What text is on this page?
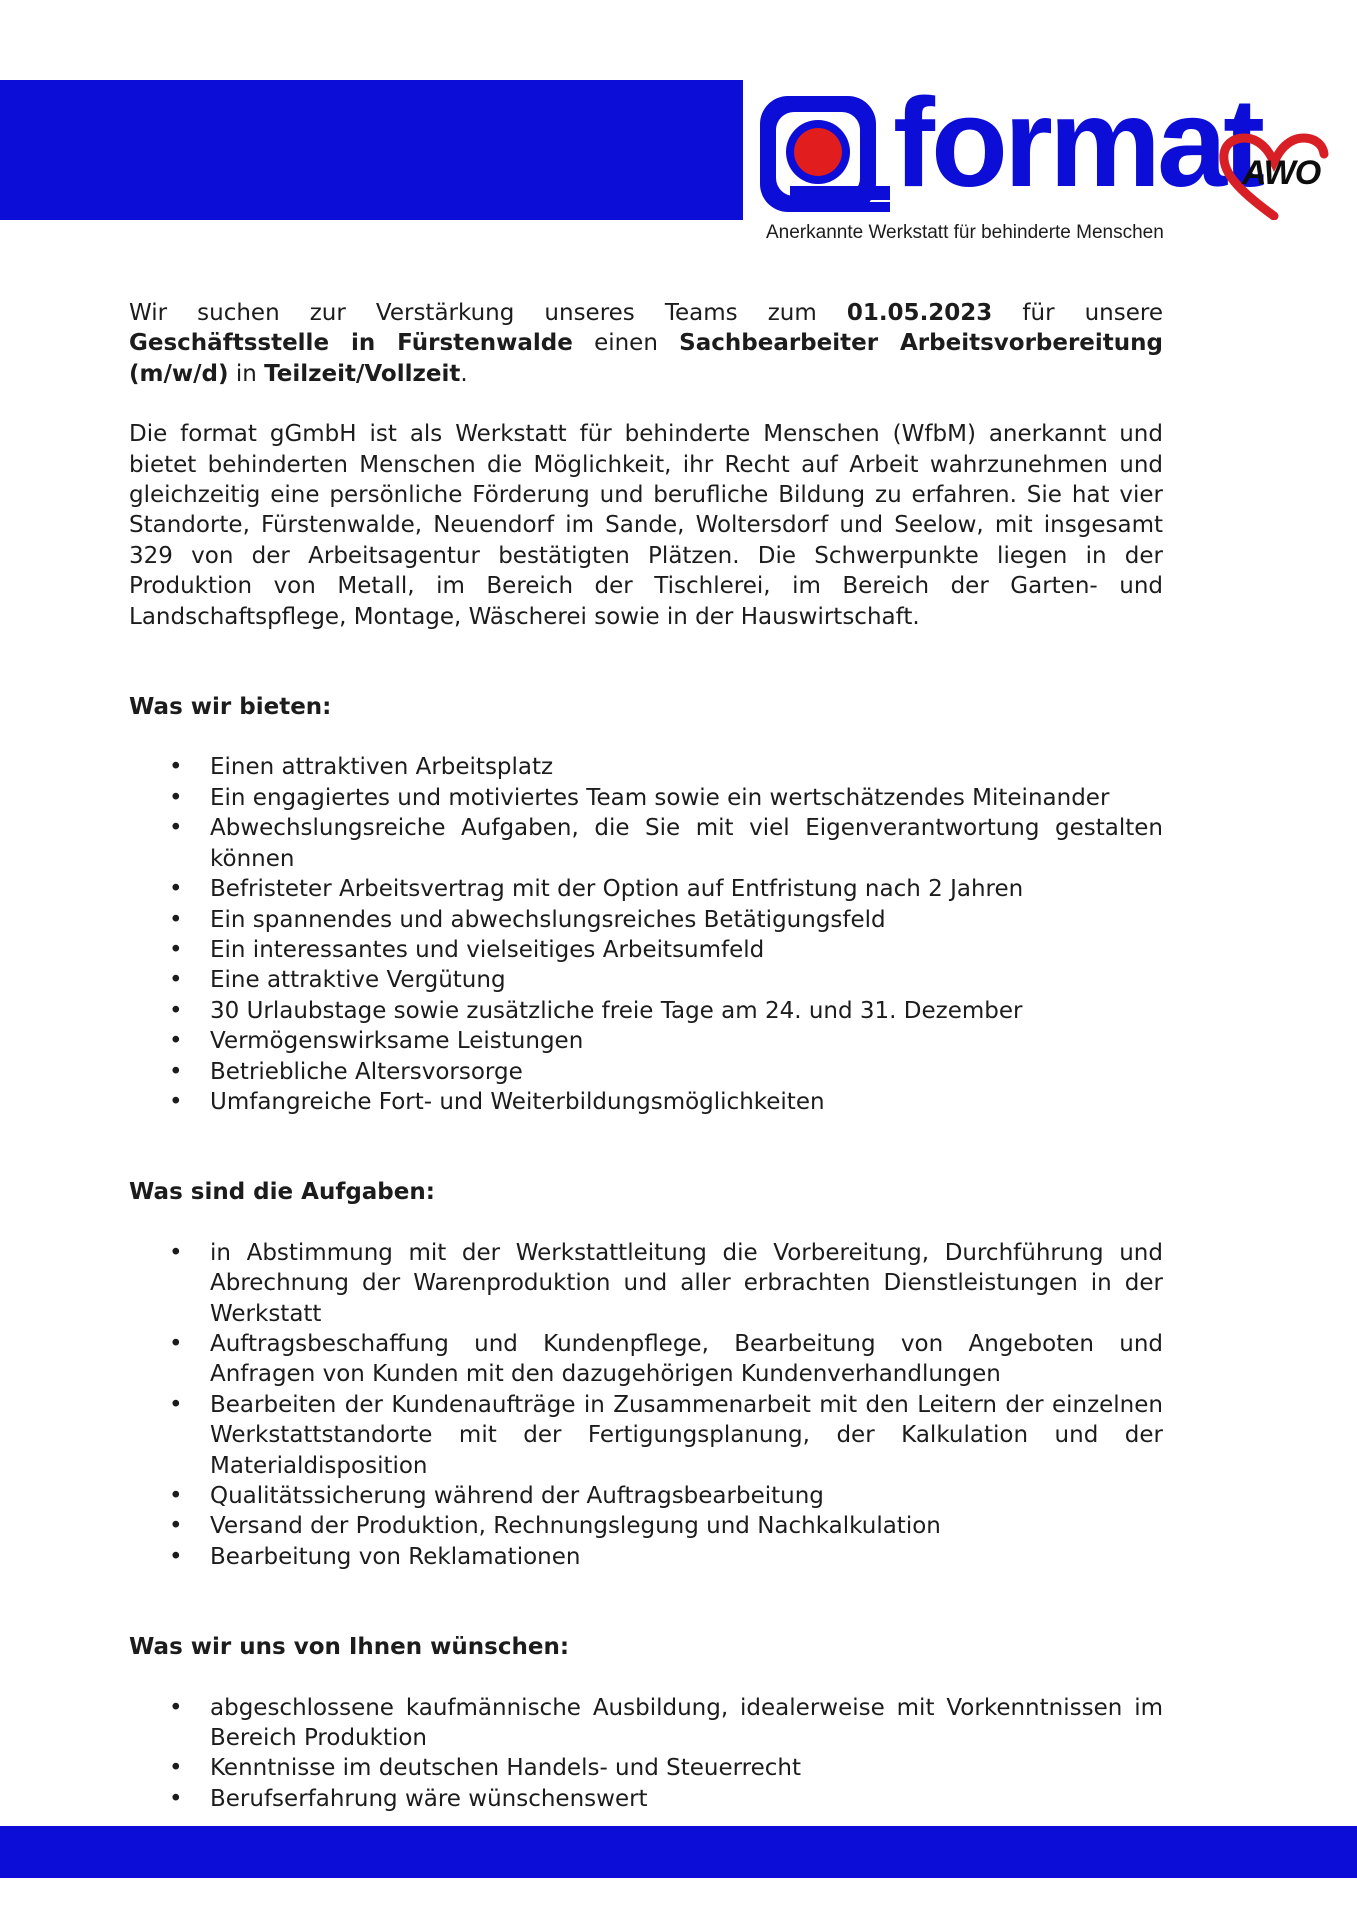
format
Anerkannte Werkstatt für behinderte Menschen
AWO

Wir suchen zur Verstärkung unseres Teams zum 01.05.2023 für unsere Geschäftsstelle in Fürstenwalde einen Sachbearbeiter Arbeitsvorbereitung (m/w/d) in Teilzeit/Vollzeit.

Die format gGmbH ist als Werkstatt für behinderte Menschen (WfbM) anerkannt und bietet behinderten Menschen die Möglichkeit, ihr Recht auf Arbeit wahrzunehmen und gleichzeitig eine persönliche Förderung und berufliche Bildung zu erfahren. Sie hat vier Standorte, Fürstenwalde, Neuendorf im Sande, Woltersdorf und Seelow, mit insgesamt 329 von der Arbeitsagentur bestätigten Plätzen. Die Schwerpunkte liegen in der Produktion von Metall, im Bereich der Tischlerei, im Bereich der Garten- und Landschaftspflege, Montage, Wäscherei sowie in der Hauswirtschaft.

Was wir bieten:
• Einen attraktiven Arbeitsplatz
• Ein engagiertes und motiviertes Team sowie ein wertschätzendes Miteinander
• Abwechslungsreiche Aufgaben, die Sie mit viel Eigenverantwortung gestalten können
• Befristeter Arbeitsvertrag mit der Option auf Entfristung nach 2 Jahren
• Ein spannendes und abwechslungsreiches Betätigungsfeld
• Ein interessantes und vielseitiges Arbeitsumfeld
• Eine attraktive Vergütung
• 30 Urlaubstage sowie zusätzliche freie Tage am 24. und 31. Dezember
• Vermögenswirksame Leistungen
• Betriebliche Altersvorsorge
• Umfangreiche Fort- und Weiterbildungsmöglichkeiten
Was sind die Aufgaben:
• in Abstimmung mit der Werkstattleitung die Vorbereitung, Durchführung und Abrechnung der Warenproduktion und aller erbrachten Dienstleistungen in der Werkstatt
• Auftragsbeschaffung und Kundenpflege, Bearbeitung von Angeboten und Anfragen von Kunden mit den dazugehörigen Kundenverhandlungen
• Bearbeiten der Kundenaufträge in Zusammenarbeit mit den Leitern der einzelnen Werkstattstandorte mit der Fertigungsplanung, der Kalkulation und der Materialdisposition
• Qualitätssicherung während der Auftragsbearbeitung
• Versand der Produktion, Rechnungslegung und Nachkalkulation
• Bearbeitung von Reklamationen
Was wir uns von Ihnen wünschen:
• abgeschlossene kaufmännische Ausbildung, idealerweise mit Vorkenntnissen im Bereich Produktion
• Kenntnisse im deutschen Handels- und Steuerrecht
• Berufserfahrung wäre wünschenswert
